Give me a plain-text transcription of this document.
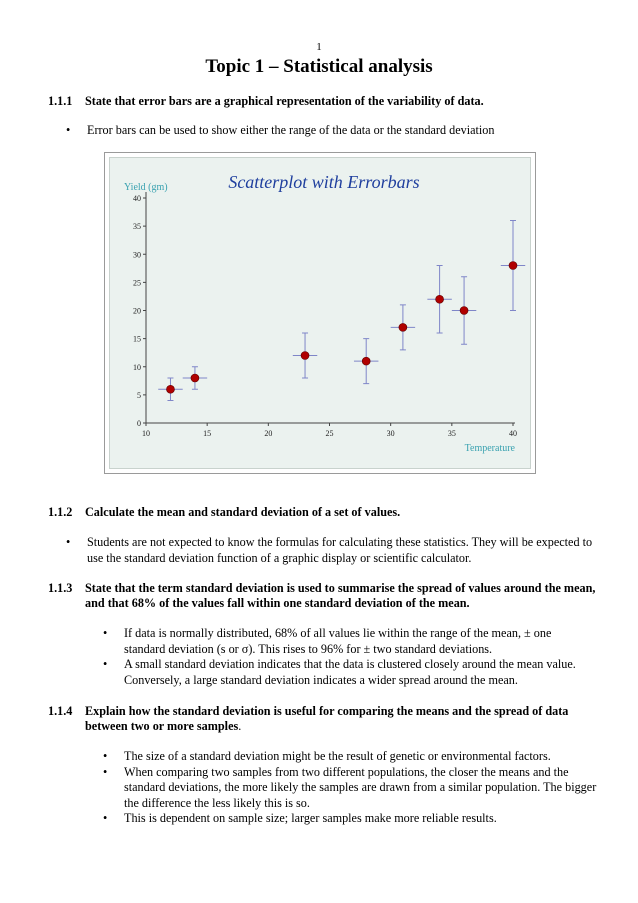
1
Topic 1 – Statistical analysis
1.1.1 State that error bars are a graphical representation of the variability of data.
• Error bars can be used to show either the range of the data or the standard deviation
Scatterplot with Errorbars
Yield (gm)
Temperature
0
5
10
15
20
25
30
35
40
10	15	20	25	30	35	40
1.1.2 Calculate the mean and standard deviation of a set of values.
• Students are not expected to know the formulas for calculating these statistics. They will be expected to use the standard deviation function of a graphic display or scientific calculator.
1.1.3 State that the term standard deviation is used to summarise the spread of values around the mean, and that 68% of the values fall within one standard deviation of the mean.
• If data is normally distributed, 68% of all values lie within the range of the mean, ± one standard deviation (s or σ). This rises to 96% for ± two standard deviations.
• A small standard deviation indicates that the data is clustered closely around the mean value. Conversely, a large standard deviation indicates a wider spread around the mean.
1.1.4 Explain how the standard deviation is useful for comparing the means and the spread of data between two or more samples.
• The size of a standard deviation might be the result of genetic or environmental factors.
• When comparing two samples from two different populations, the closer the means and the standard deviations, the more likely the samples are drawn from a similar population. The bigger the difference the less likely this is so.
• This is dependent on sample size; larger samples make more reliable results.
